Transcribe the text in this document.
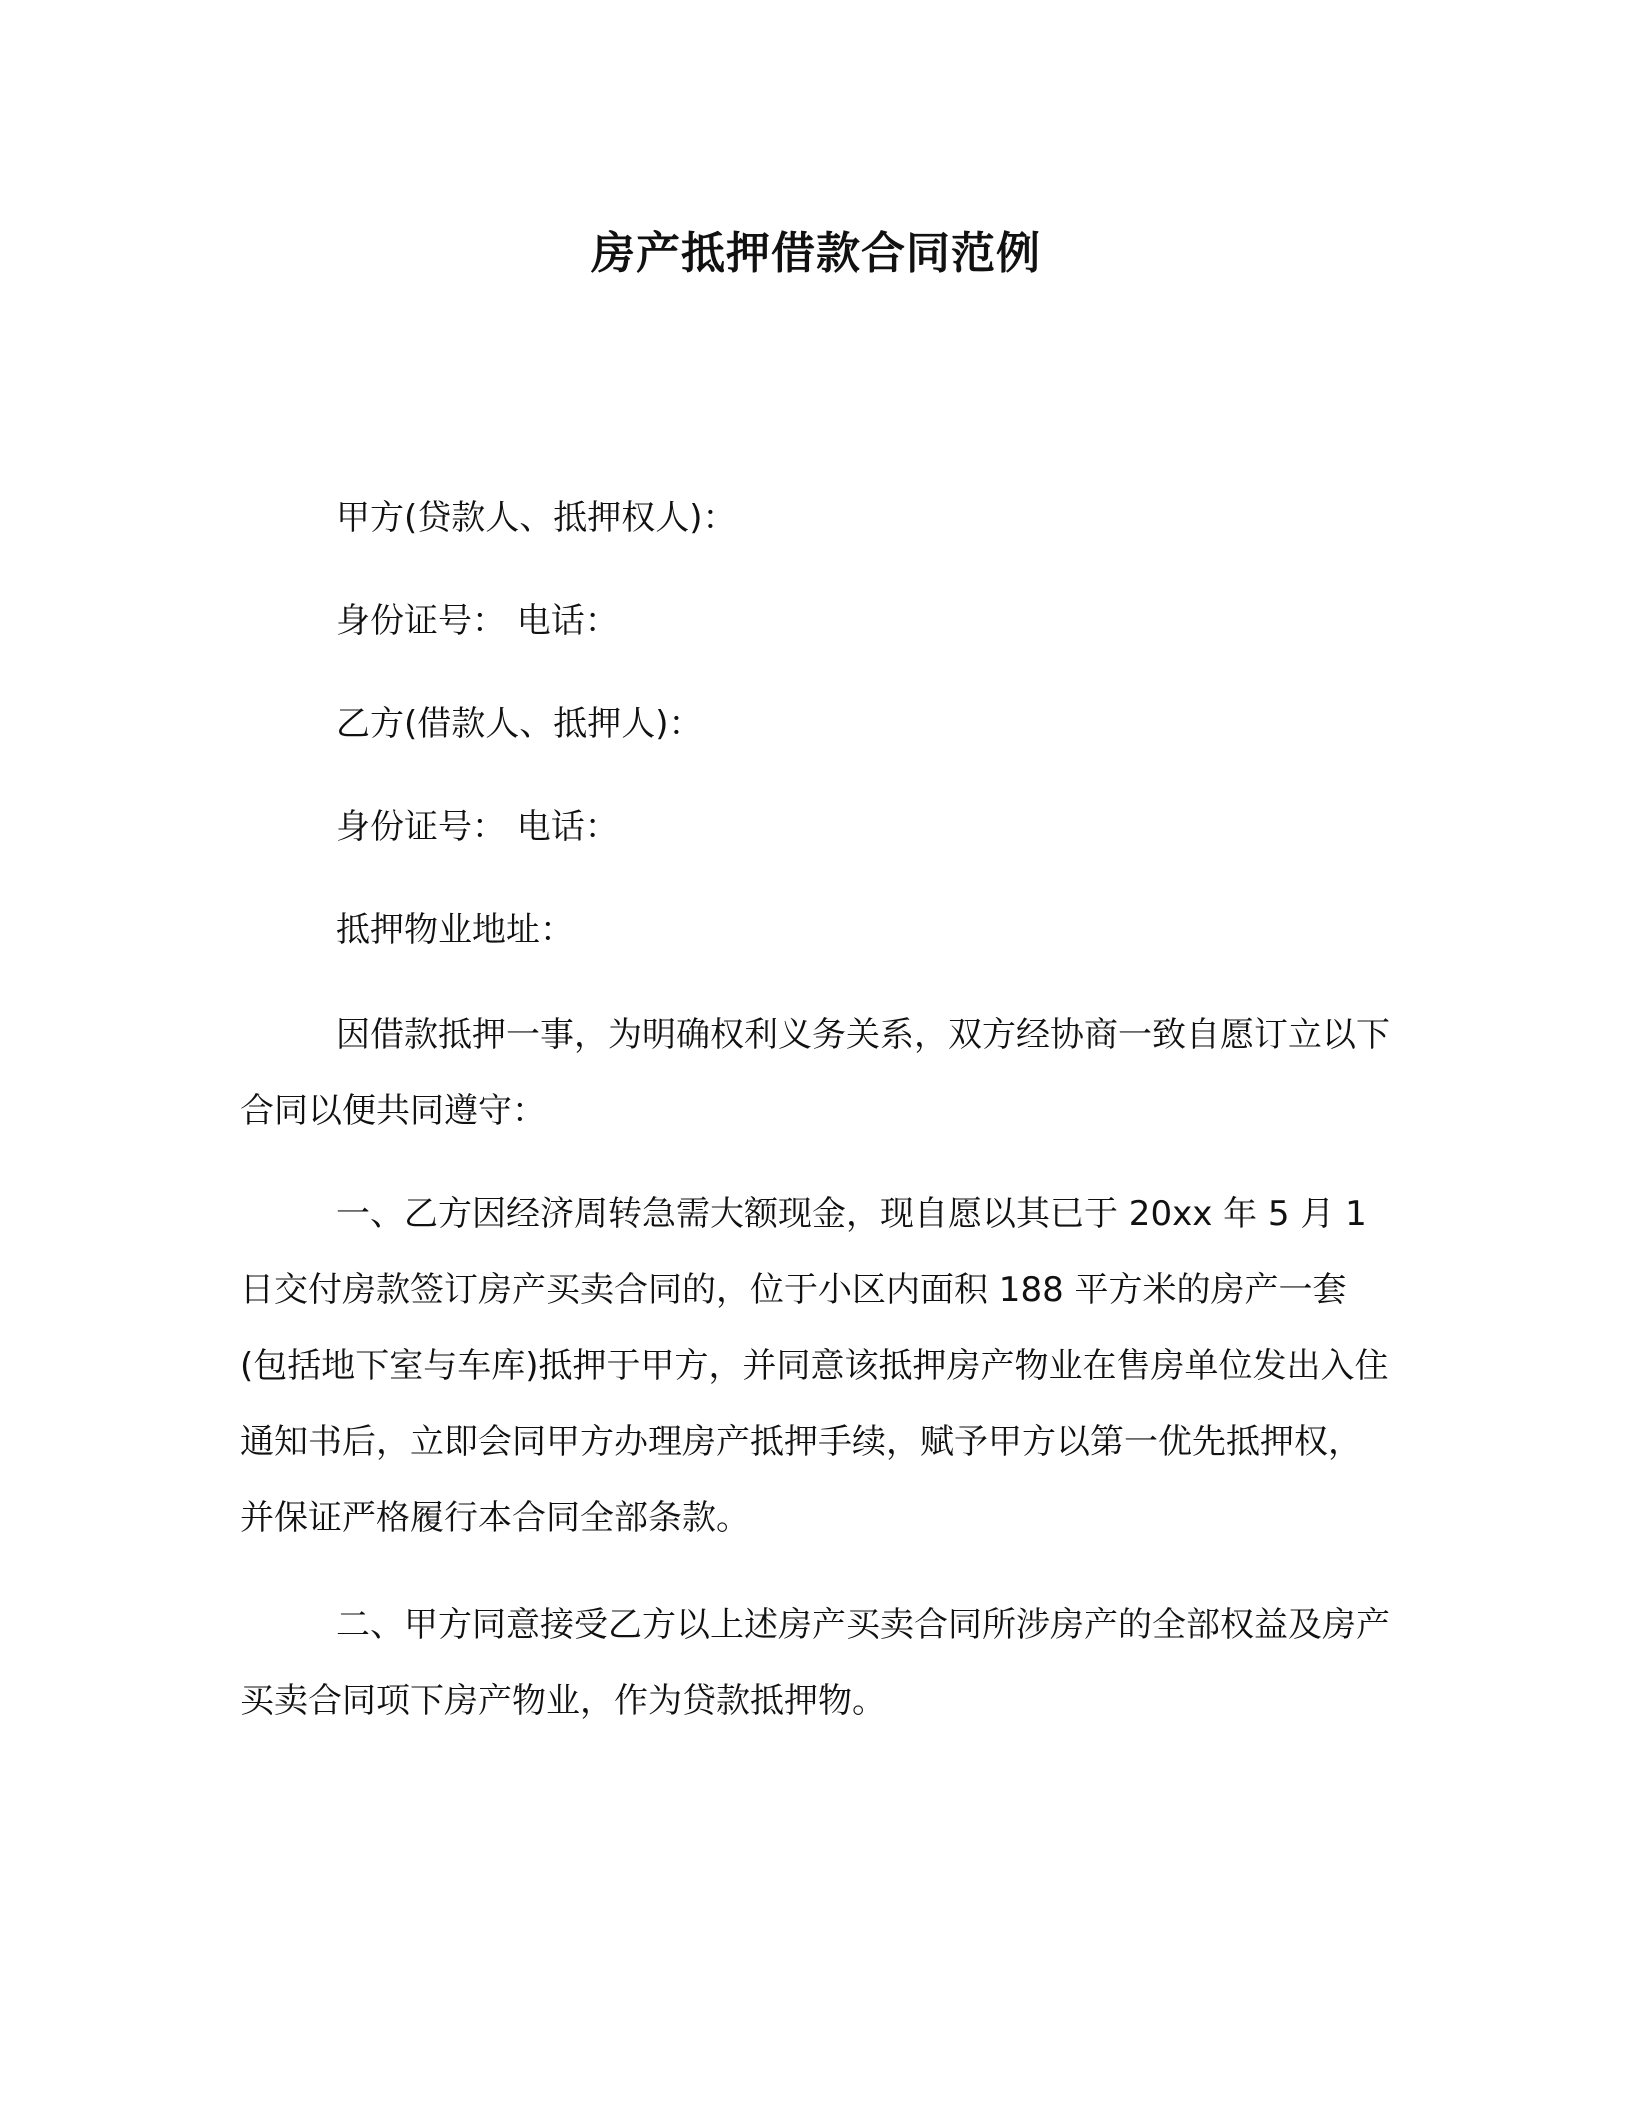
房产抵押借款合同范例
甲方(贷款人、抵押权人)：
身份证号： 电话：
乙方(借款人、抵押人)：
身份证号： 电话：
抵押物业地址：

因借款抵押一事，为明确权利义务关系，双方经协商一致自愿订立以下合同以便共同遵守：

一、乙方因经济周转急需大额现金，现自愿以其已于 20xx 年 5 月 1 日交付房款签订房产买卖合同的，位于小区内面积 188 平方米的房产一套(包括地下室与车库)抵押于甲方，并同意该抵押房产物业在售房单位发出入住通知书后，立即会同甲方办理房产抵押手续，赋予甲方以第一优先抵押权，并保证严格履行本合同全部条款。

二、甲方同意接受乙方以上述房产买卖合同所涉房产的全部权益及房产买卖合同项下房产物业，作为贷款抵押物。
